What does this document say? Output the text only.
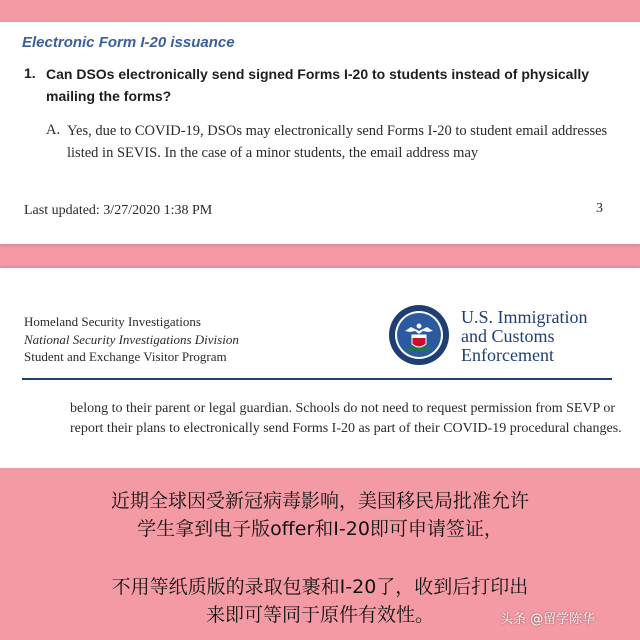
Electronic Form I-20 issuance
1. Can DSOs electronically send signed Forms I-20 to students instead of physically mailing the forms?
A. Yes, due to COVID-19, DSOs may electronically send Forms I-20 to student email addresses listed in SEVIS. In the case of a minor students, the email address may
Last updated: 3/27/2020 1:38 PM	3
Homeland Security Investigations
National Security Investigations Division
Student and Exchange Visitor Program
U.S. Immigration
and Customs
Enforcement
belong to their parent or legal guardian. Schools do not need to request permission from SEVP or report their plans to electronically send Forms I-20 as part of their COVID-19 procedural changes.
近期全球因受新冠病毒影响，美国移民局批准允许
学生拿到电子版offer和I-20即可申请签证，
不用等纸质版的录取包裹和I-20了，收到后打印出
来即可等同于原件有效性。	头条 @留学陈华
